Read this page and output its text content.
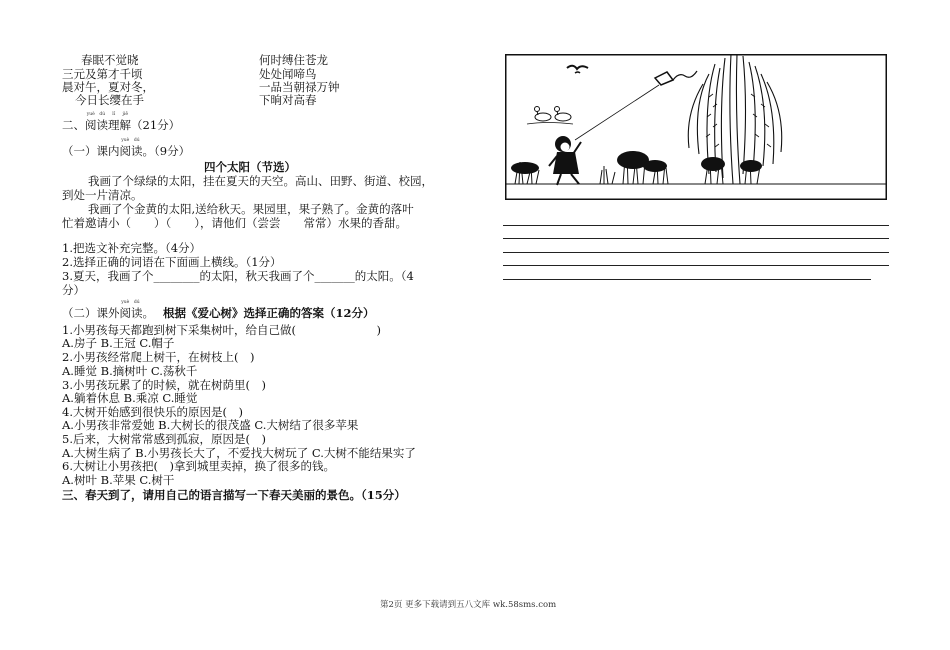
春眠不觉晓
三元及第才千顷
晨对午，夏对冬，
今日长缨在手
何时缚住苍龙
处处闻啼鸟
一品当朝禄万钟
下晌对高春
二、
yuè
阅
dú
读
lǐ
理
jiě
解（21分）
（一）课内
yuè
阅
dú
读。（9分）
四个太阳（节选）
我画了个绿绿的太阳，挂在夏天的天空。高山、田野、街道、校园，
到处一片清凉。
我画了个金黄的太阳,送给秋天。果园里，果子熟了。金黄的落叶
忙着邀请小（　　）（　　），请他们（尝尝　　常常）水果的香甜。
1.把选文补充完整。（4分）
2.选择正确的词语在下面画上横线。（1分）
3.夏天，我画了个________的太阳，秋天我画了个_______的太阳。（4
分）
（二）课外
yuè
阅
dú
读。 根据《爱心树》选择正确的答案（12分）
1.小男孩每天都跑到树下采集树叶，给自己做(　　　　　　　)
A.房子 B.王冠 C.帽子
2.小男孩经常爬上树干，在树枝上(　)
A.睡觉 B.摘树叶 C.荡秋千
3.小男孩玩累了的时候，就在树荫里(　)
A.躺着休息 B.乘凉 C.睡觉
4.大树开始感到很快乐的原因是(　)
A.小男孩非常爱她 B.大树长的很茂盛 C.大树结了很多苹果
5.后来，大树常常感到孤寂，原因是(　)
A.大树生病了 B.小男孩长大了，不爱找大树玩了 C.大树不能结果实了
6.大树让小男孩把(　)拿到城里卖掉，换了很多的钱。
A.树叶 B.苹果 C.树干
三、春天到了，请用自己的语言描写一下春天美丽的景色。（15分）
第2页 更多下载请到五八文库 wk.58sms.com
